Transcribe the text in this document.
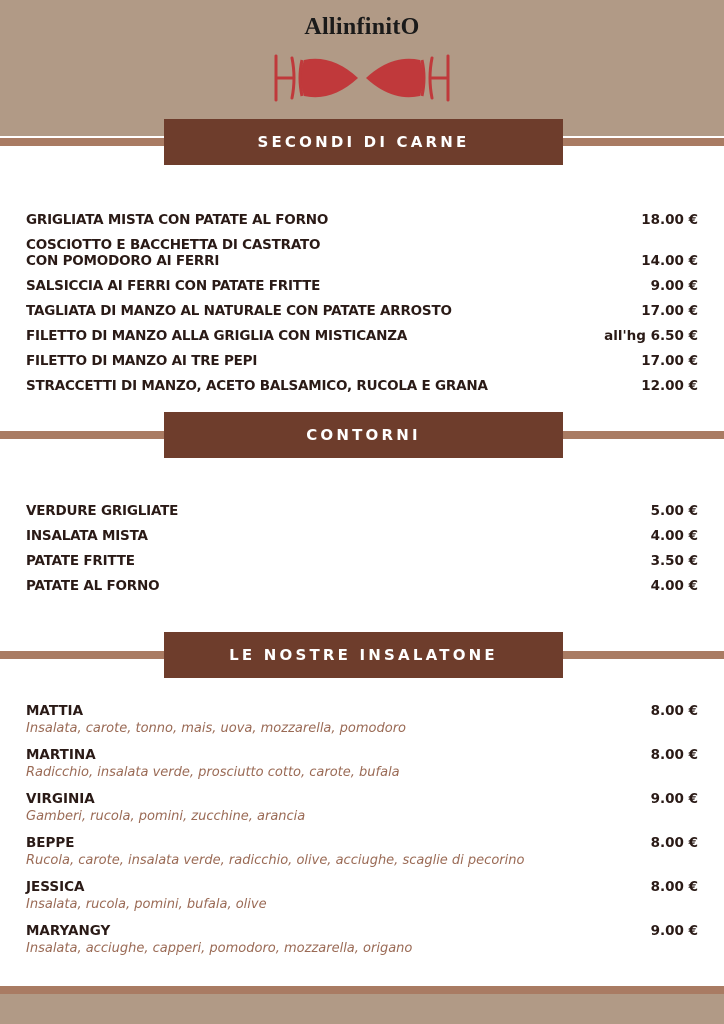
AllinfinitO
SECONDI DI CARNE
GRIGLIATA MISTA CON PATATE AL FORNO	18.00 €
COSCIOTTO E BACCHETTA DI CASTRATO
CON POMODORO AI FERRI	14.00 €
SALSICCIA AI FERRI CON PATATE FRITTE	9.00 €
TAGLIATA DI MANZO AL NATURALE CON PATATE ARROSTO	17.00 €
FILETTO DI MANZO ALLA GRIGLIA CON MISTICANZA	all'hg 6.50 €
FILETTO DI MANZO AI TRE PEPI	17.00 €
STRACCETTI DI MANZO, ACETO BALSAMICO, RUCOLA E GRANA	12.00 €
CONTORNI
VERDURE GRIGLIATE	5.00 €
INSALATA MISTA	4.00 €
PATATE FRITTE	3.50 €
PATATE AL FORNO	4.00 €
LE NOSTRE INSALATONE
MATTIA	8.00 €
Insalata, carote, tonno, mais, uova, mozzarella, pomodoro
MARTINA	8.00 €
Radicchio, insalata verde, prosciutto cotto, carote, bufala
VIRGINIA	9.00 €
Gamberi, rucola, pomini, zucchine, arancia
BEPPE	8.00 €
Rucola, carote, insalata verde, radicchio, olive, acciughe, scaglie di pecorino
JESSICA	8.00 €
Insalata, rucola, pomini, bufala, olive
MARYANGY	9.00 €
Insalata, acciughe, capperi, pomodoro, mozzarella, origano
